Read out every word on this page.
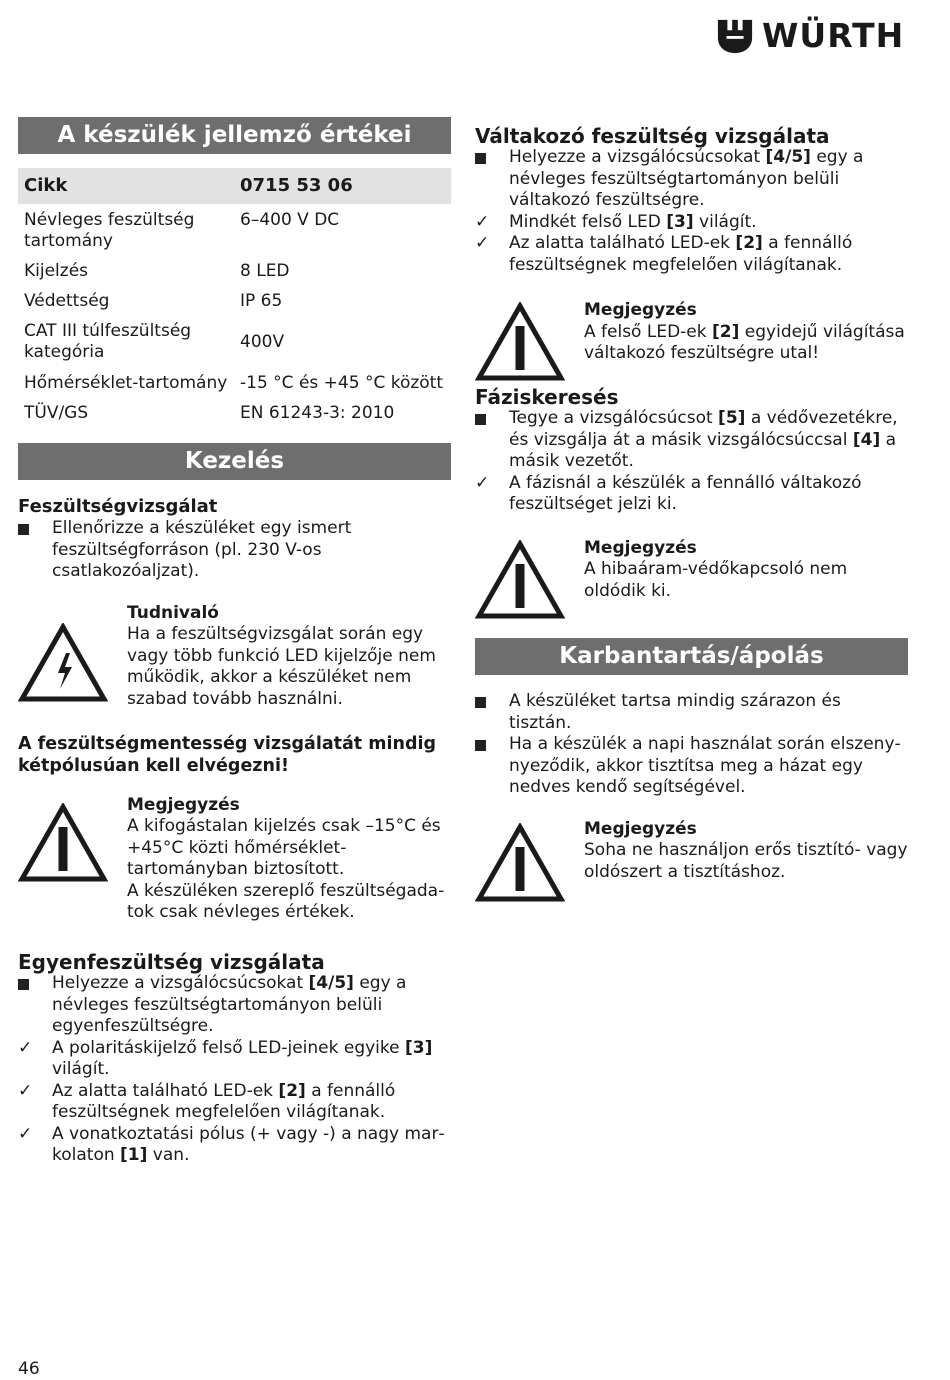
WÜRTH
A készülék jellemző értékei
Cikk	0715 53 06
Névleges feszültség tartomány	6–400 V DC
Kijelzés	8 LED
Védettség	IP 65
CAT III túlfeszültség kategória	400V
Hőmérséklet-tartomány	-15 °C és +45 °C között
TÜV/GS	EN 61243-3: 2010
Kezelés
Feszültségvizsgálat
Ellenőrizze a készüléket egy ismert feszültségforráson (pl. 230 V-os csatlakozóaljzat).
Tudnivaló
Ha a feszültségvizsgálat során egy vagy több funkció LED kijelzője nem működik, akkor a készüléket nem szabad tovább használni.
A feszültségmentesség vizsgálatát mindig kétpólusúan kell elvégezni!
Megjegyzés
A kifogástalan kijelzés csak –15°C és +45°C közti hőmérséklettartományban biztosított.
A készüléken szereplő feszültségadatok csak névleges értékek.
Egyenfeszültség vizsgálata
Helyezze a vizsgálócsúcsokat [4/5] egy a névleges feszültségtartományon belüli egyenfeszültségre.
✓	A polaritáskijelző felső LED-jeinek egyike [3] világít.
✓	Az alatta található LED-ek [2] a fennálló feszültségnek megfelelően világítanak.
✓	A vonatkoztatási pólus (+ vagy -) a nagy markolaton [1] van.
Váltakozó feszültség vizsgálata
Helyezze a vizsgálócsúcsokat [4/5] egy a névleges feszültségtartományon belüli váltakozó feszültségre.
✓	Mindkét felső LED [3] világít.
✓	Az alatta található LED-ek [2] a fennálló feszültségnek megfelelően világítanak.
Megjegyzés
A felső LED-ek [2] egyidejű világítása váltakozó feszültségre utal!
Fáziskeresés
Tegye a vizsgálócsúcsot [5] a védővezetékre, és vizsgálja át a másik vizsgálócsúccsal [4] a másik vezetőt.
✓	A fázisnál a készülék a fennálló váltakozó feszültséget jelzi ki.
Megjegyzés
A hibaáram-védőkapcsoló nem oldódik ki.
Karbantartás/ápolás
A készüléket tartsa mindig szárazon és tisztán.
Ha a készülék a napi használat során elszenynyeződik, akkor tisztítsa meg a házat egy nedves kendő segítségével.
Megjegyzés
Soha ne használjon erős tisztító- vagy oldószert a tisztításhoz.
46
